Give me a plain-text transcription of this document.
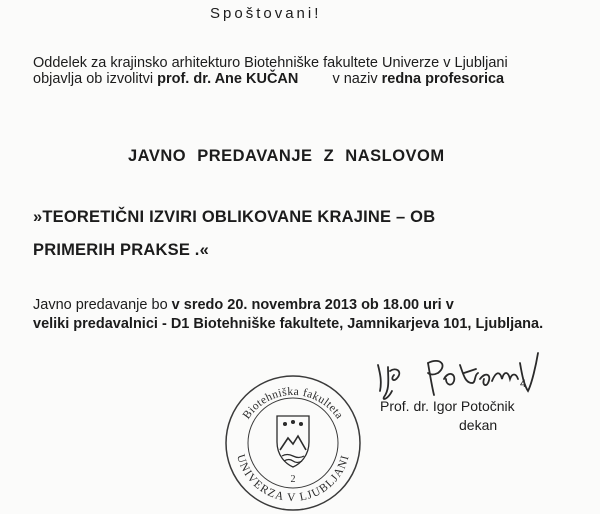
Spoštovani!
Oddelek za krajinsko arhitekturo Biotehniške fakultete Univerze v Ljubljani
objavlja ob izvolitvi prof. dr. Ane KUČAN v naziv redna profesorica
JAVNO PREDAVANJE Z NASLOVOM
»TEORETIČNI IZVIRI OBLIKOVANE KRAJINE – OB
PRIMERIH PRAKSE .«
Javno predavanje bo v sredo 20. novembra 2013 ob 18.00 uri v
veliki predavalnici - D1 Biotehniške fakultete, Jamnikarjeva 101, Ljubljana.
4
Prof. dr. Igor Potočnik
dekan
Biotehniška fakulteta
UNIVERZA V LJUBLJANI
2
